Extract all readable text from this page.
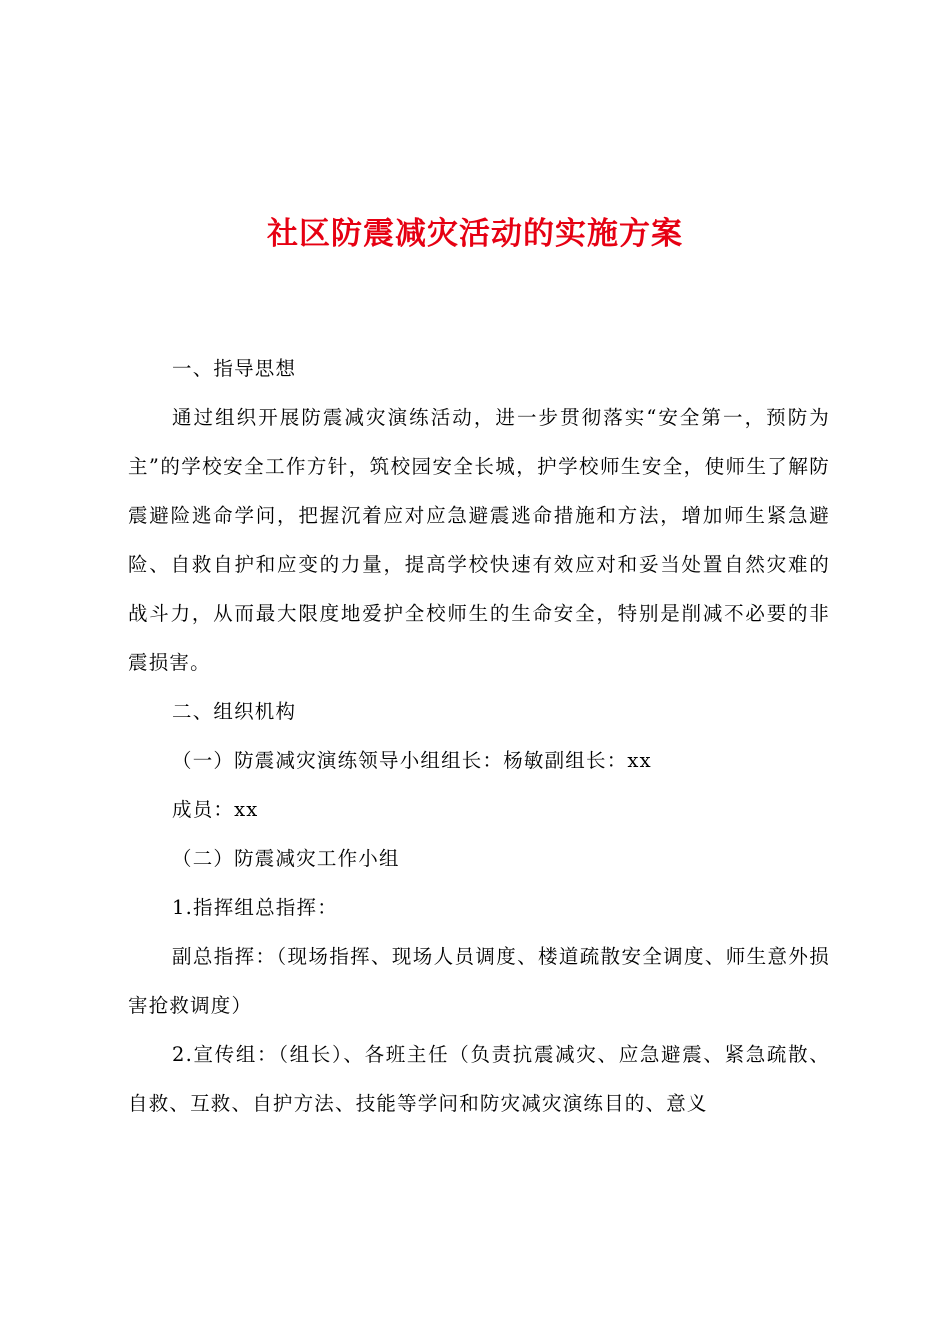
社区防震减灾活动的实施方案

一、指导思想

通过组织开展防震减灾演练活动，进一步贯彻落实“安全第一，预防为主”的学校安全工作方针，筑校园安全长城，护学校师生安全，使师生了解防震避险逃命学问，把握沉着应对应急避震逃命措施和方法，增加师生紧急避险、自救自护和应变的力量，提高学校快速有效应对和妥当处置自然灾难的战斗力，从而最大限度地爱护全校师生的生命安全，特别是削减不必要的非震损害。

二、组织机构

（一）防震减灾演练领导小组组长：杨敏副组长：xx

成员：xx

（二）防震减灾工作小组

1.指挥组总指挥：

副总指挥：（现场指挥、现场人员调度、楼道疏散安全调度、师生意外损害抢救调度）

2.宣传组：（组长）、各班主任（负责抗震减灾、应急避震、紧急疏散、自救、互救、自护方法、技能等学问和防灾减灾演练目的、意义
